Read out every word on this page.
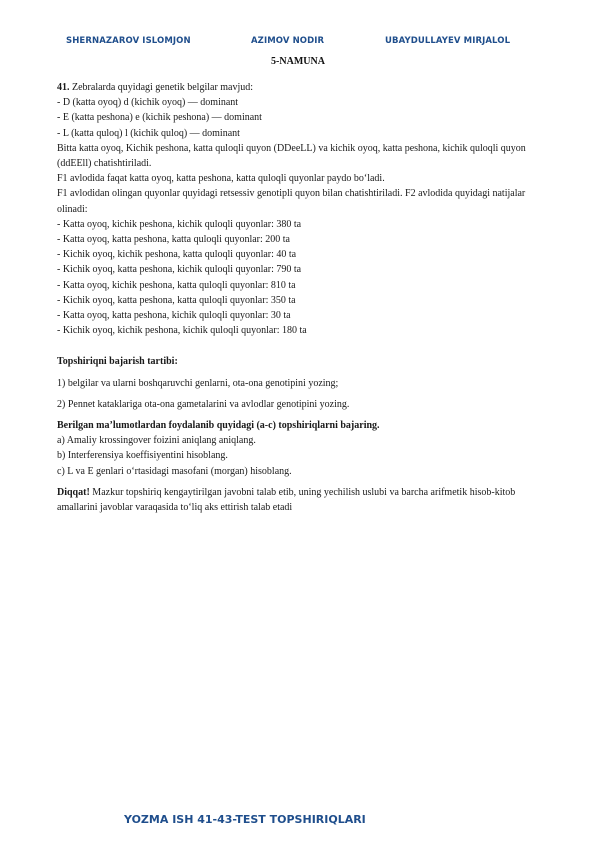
SHERNAZAROV ISLOMJON	AZIMOV NODIR	UBAYDULLAYEV MIRJALOL
5-NAMUNA
41. Zebralarda quyidagi genetik belgilar mavjud:
- D (katta oyoq) d (kichik oyoq) — dominant
- E (katta peshona) e (kichik peshona) — dominant
- L (katta quloq) l (kichik quloq) — dominant
Bitta katta oyoq, Kichik peshona, katta quloqli quyon (DDeeLL) va kichik oyoq, katta peshona, kichik quloqli quyon (ddEEll) chatishtiriladi.
F1 avlodida faqat katta oyoq, katta peshona, katta quloqli quyonlar paydo bo‘ladi.
F1 avlodidan olingan quyonlar quyidagi retsessiv genotipli quyon bilan chatishtiriladi. F2 avlodida quyidagi natijalar olinadi:
- Katta oyoq, kichik peshona, kichik quloqli quyonlar: 380 ta
- Katta oyoq, katta peshona, katta quloqli quyonlar: 200 ta
- Kichik oyoq, kichik peshona, katta quloqli quyonlar: 40 ta
- Kichik oyoq, katta peshona, kichik quloqli quyonlar: 790 ta
- Katta oyoq, kichik peshona, katta quloqli quyonlar: 810 ta
- Kichik oyoq, katta peshona, katta quloqli quyonlar: 350 ta
- Katta oyoq, katta peshona, kichik quloqli quyonlar: 30 ta
- Kichik oyoq, kichik peshona, kichik quloqli quyonlar: 180 ta
Topshiriqni bajarish tartibi:
1) belgilar va ularni boshqaruvchi genlarni, ota-ona genotipini yozing;
2) Pennet kataklariga ota-ona gametalarini va avlodlar genotipini yozing.
Berilgan ma’lumotlardan foydalanib quyidagi (a-c) topshiriqlarni bajaring.
a) Amaliy krossingover foizini aniqlang aniqlang.
b) Interferensiya koeffisiyentini hisoblang.
c) L va E genlari o‘rtasidagi masofani (morgan) hisoblang.
Diqqat! Mazkur topshiriq kengaytirilgan javobni talab etib, uning yechilish uslubi va barcha arifmetik hisob-kitob amallarini javoblar varaqasida to‘liq aks ettirish talab etadi
YOZMA ISH 41-43-TEST TOPSHIRIQLARI
